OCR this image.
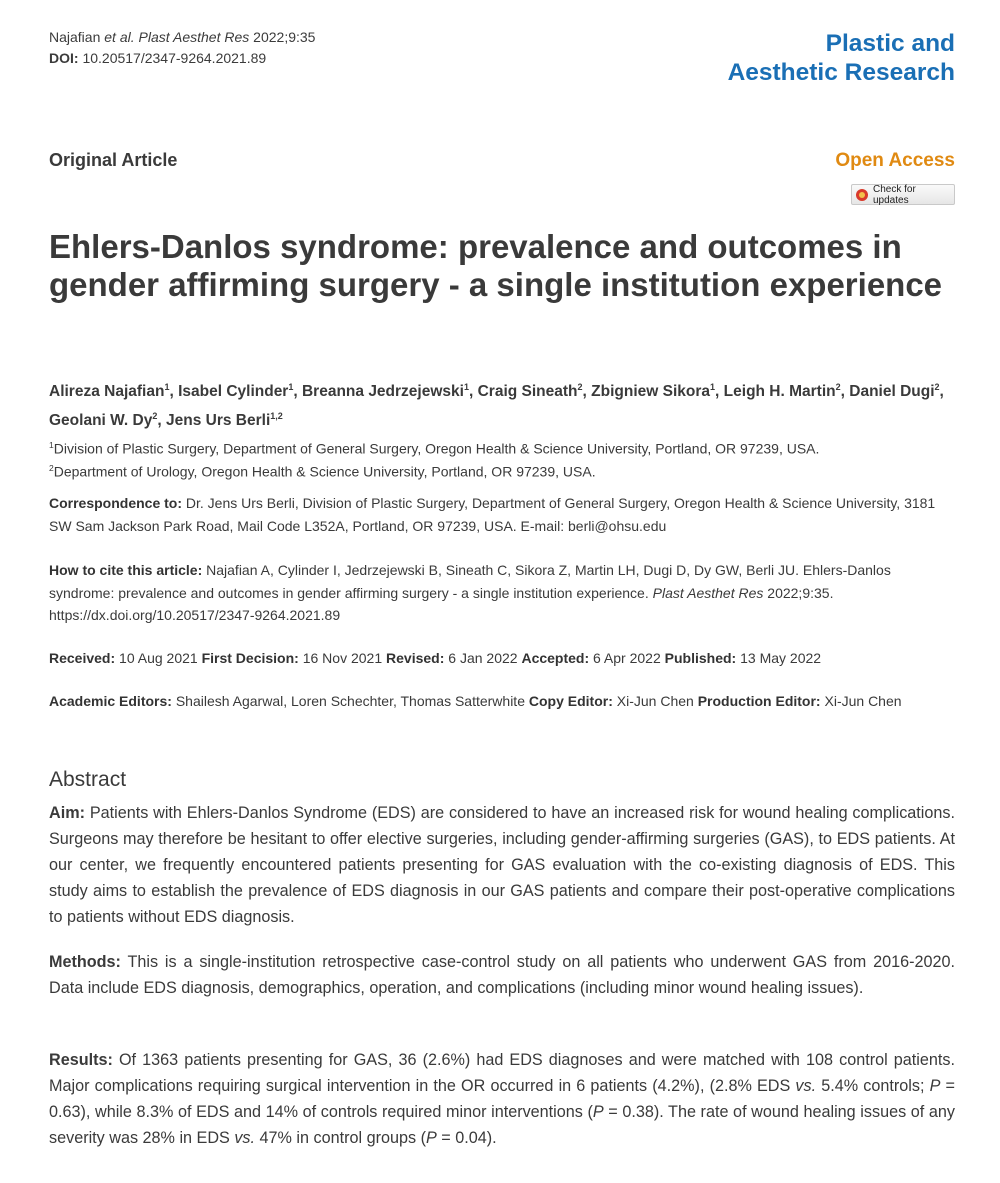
Najafian et al. Plast Aesthet Res 2022;9:35
DOI: 10.20517/2347-9264.2021.89
Plastic and
Aesthetic Research
Original Article	Open Access
Check for updates
Ehlers-Danlos syndrome: prevalence and outcomes in gender affirming surgery - a single institution experience
Alireza Najafian$^1$, Isabel Cylinder$^1$, Breanna Jedrzejewski$^1$, Craig Sineath$^2$, Zbigniew Sikora$^1$, Leigh H. Martin$^2$, Daniel Dugi$^2$, Geolani W. Dy$^2$, Jens Urs Berli$^{1,2}$
$^1$Division of Plastic Surgery, Department of General Surgery, Oregon Health & Science University, Portland, OR 97239, USA.
$^2$Department of Urology, Oregon Health & Science University, Portland, OR 97239, USA.
Correspondence to: Dr. Jens Urs Berli, Division of Plastic Surgery, Department of General Surgery, Oregon Health & Science University, 3181 SW Sam Jackson Park Road, Mail Code L352A, Portland, OR 97239, USA. E-mail: berli@ohsu.edu
How to cite this article: Najafian A, Cylinder I, Jedrzejewski B, Sineath C, Sikora Z, Martin LH, Dugi D, Dy GW, Berli JU. Ehlers-Danlos syndrome: prevalence and outcomes in gender affirming surgery - a single institution experience. Plast Aesthet Res 2022;9:35. https://dx.doi.org/10.20517/2347-9264.2021.89
Received: 10 Aug 2021 First Decision: 16 Nov 2021 Revised: 6 Jan 2022 Accepted: 6 Apr 2022 Published: 13 May 2022
Academic Editors: Shailesh Agarwal, Loren Schechter, Thomas Satterwhite Copy Editor: Xi-Jun Chen Production Editor: Xi-Jun Chen
Abstract
Aim: Patients with Ehlers-Danlos Syndrome (EDS) are considered to have an increased risk for wound healing complications. Surgeons may therefore be hesitant to offer elective surgeries, including gender-affirming surgeries (GAS), to EDS patients. At our center, we frequently encountered patients presenting for GAS evaluation with the co-existing diagnosis of EDS. This study aims to establish the prevalence of EDS diagnosis in our GAS patients and compare their post-operative complications to patients without EDS diagnosis.
Methods: This is a single-institution retrospective case-control study on all patients who underwent GAS from 2016-2020. Data include EDS diagnosis, demographics, operation, and complications (including minor wound healing issues).
Results: Of 1363 patients presenting for GAS, 36 (2.6%) had EDS diagnoses and were matched with 108 control patients. Major complications requiring surgical intervention in the OR occurred in 6 patients (4.2%), (2.8% EDS vs. 5.4% controls; P = 0.63), while 8.3% of EDS and 14% of controls required minor interventions (P = 0.38). The rate of wound healing issues of any severity was 28% in EDS vs. 47% in control groups (P = 0.04).
